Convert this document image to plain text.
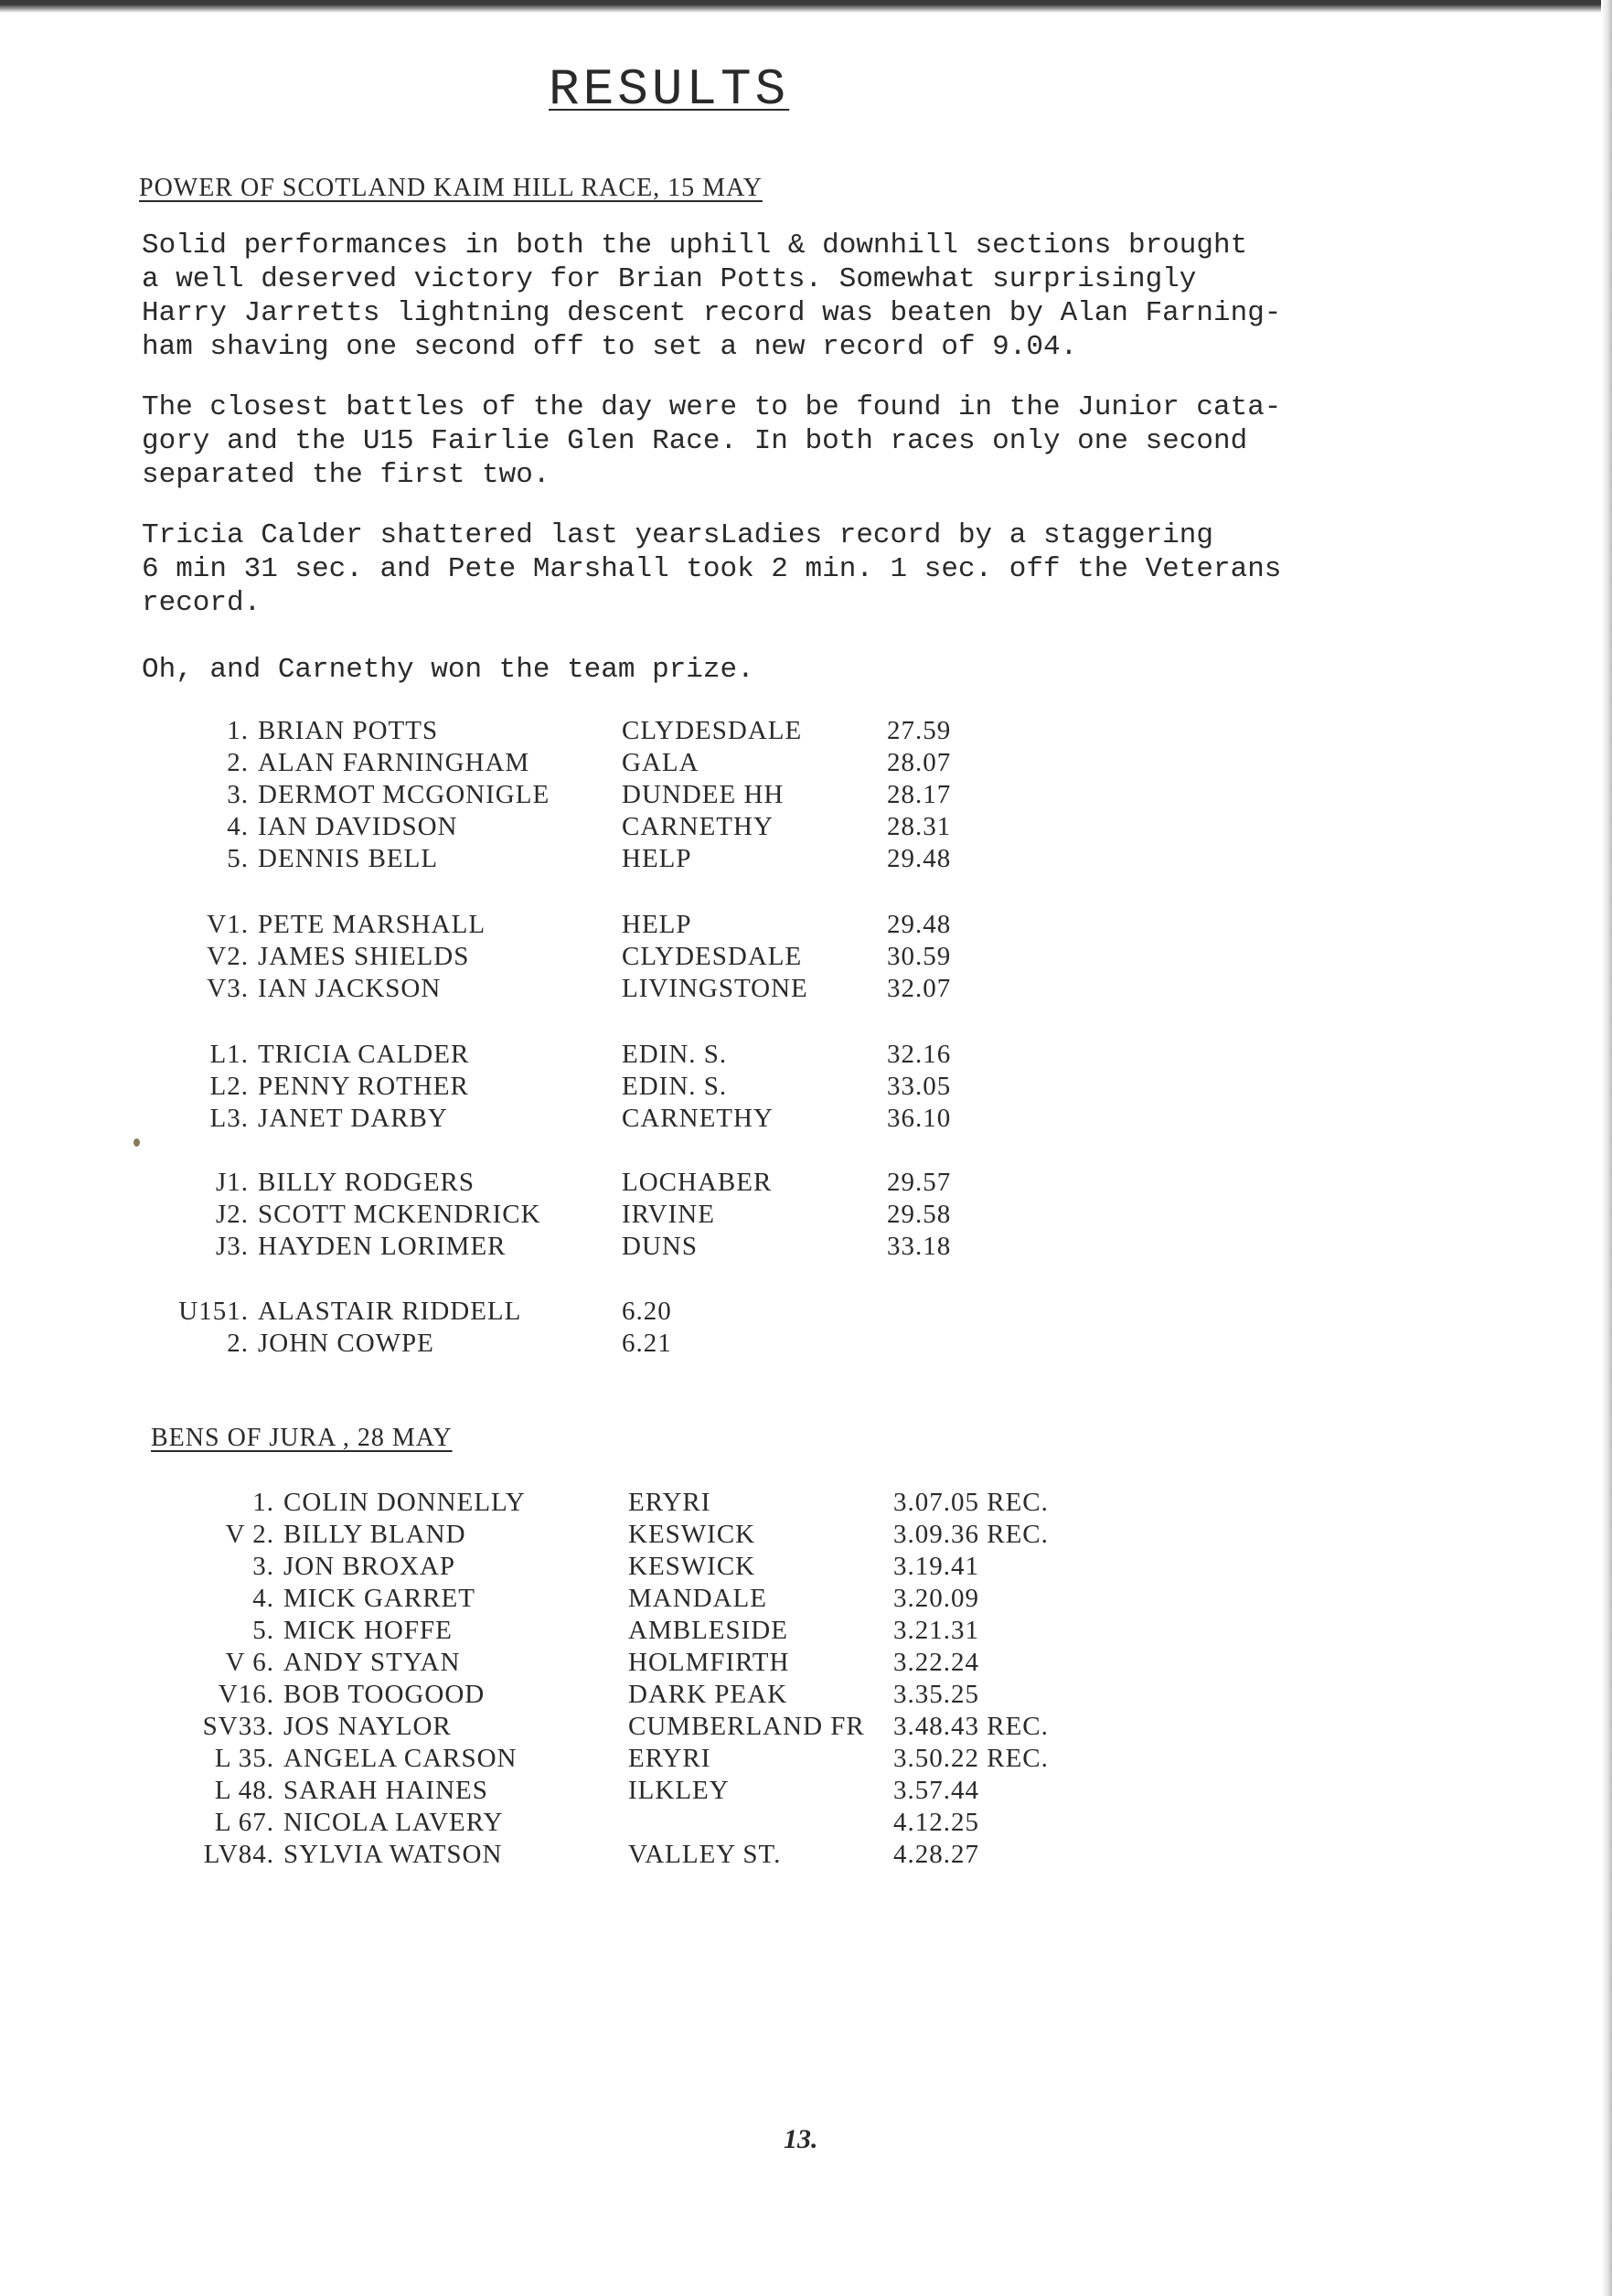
RESULTS
POWER OF SCOTLAND KAIM HILL RACE, 15 MAY
Solid performances in both the uphill & downhill sections brought
a well deserved victory for Brian Potts. Somewhat surprisingly
Harry Jarretts lightning descent record was beaten by Alan Farning-
ham shaving one second off to set a new record of 9.04.
The closest battles of the day were to be found in the Junior cata-
gory and the U15 Fairlie Glen Race. In both races only one second
separated the first two.
Tricia Calder shattered last yearsLadies record by a staggering
6 min 31 sec. and Pete Marshall took 2 min. 1 sec. off the Veterans
record.
Oh, and Carnethy won the team prize.
1. BRIAN POTTS	CLYDESDALE	27.59
2. ALAN FARNINGHAM	GALA	28.07
3. DERMOT MCGONIGLE	DUNDEE HH	28.17
4. IAN DAVIDSON	CARNETHY	28.31
5. DENNIS BELL	HELP	29.48
V1. PETE MARSHALL	HELP	29.48
V2. JAMES SHIELDS	CLYDESDALE	30.59
V3. IAN JACKSON	LIVINGSTONE	32.07
L1. TRICIA CALDER	EDIN. S.	32.16
L2. PENNY ROTHER	EDIN. S.	33.05
L3. JANET DARBY	CARNETHY	36.10
J1. BILLY RODGERS	LOCHABER	29.57
J2. SCOTT MCKENDRICK	IRVINE	29.58
J3. HAYDEN LORIMER	DUNS	33.18
U151. ALASTAIR RIDDELL	6.20
2. JOHN COWPE	6.21
BENS OF JURA , 28 MAY
1. COLIN DONNELLY	ERYRI	3.07.05 REC.
V 2. BILLY BLAND	KESWICK	3.09.36 REC.
3. JON BROXAP	KESWICK	3.19.41
4. MICK GARRET	MANDALE	3.20.09
5. MICK HOFFE	AMBLESIDE	3.21.31
V 6. ANDY STYAN	HOLMFIRTH	3.22.24
V16. BOB TOOGOOD	DARK PEAK	3.35.25
SV33. JOS NAYLOR	CUMBERLAND FR 3.48.43 REC.
L 35. ANGELA CARSON	ERYRI	3.50.22 REC.
L 48. SARAH HAINES	ILKLEY	3.57.44
L 67. NICOLA LAVERY	4.12.25
LV84. SYLVIA WATSON	VALLEY ST.	4.28.27
13.
